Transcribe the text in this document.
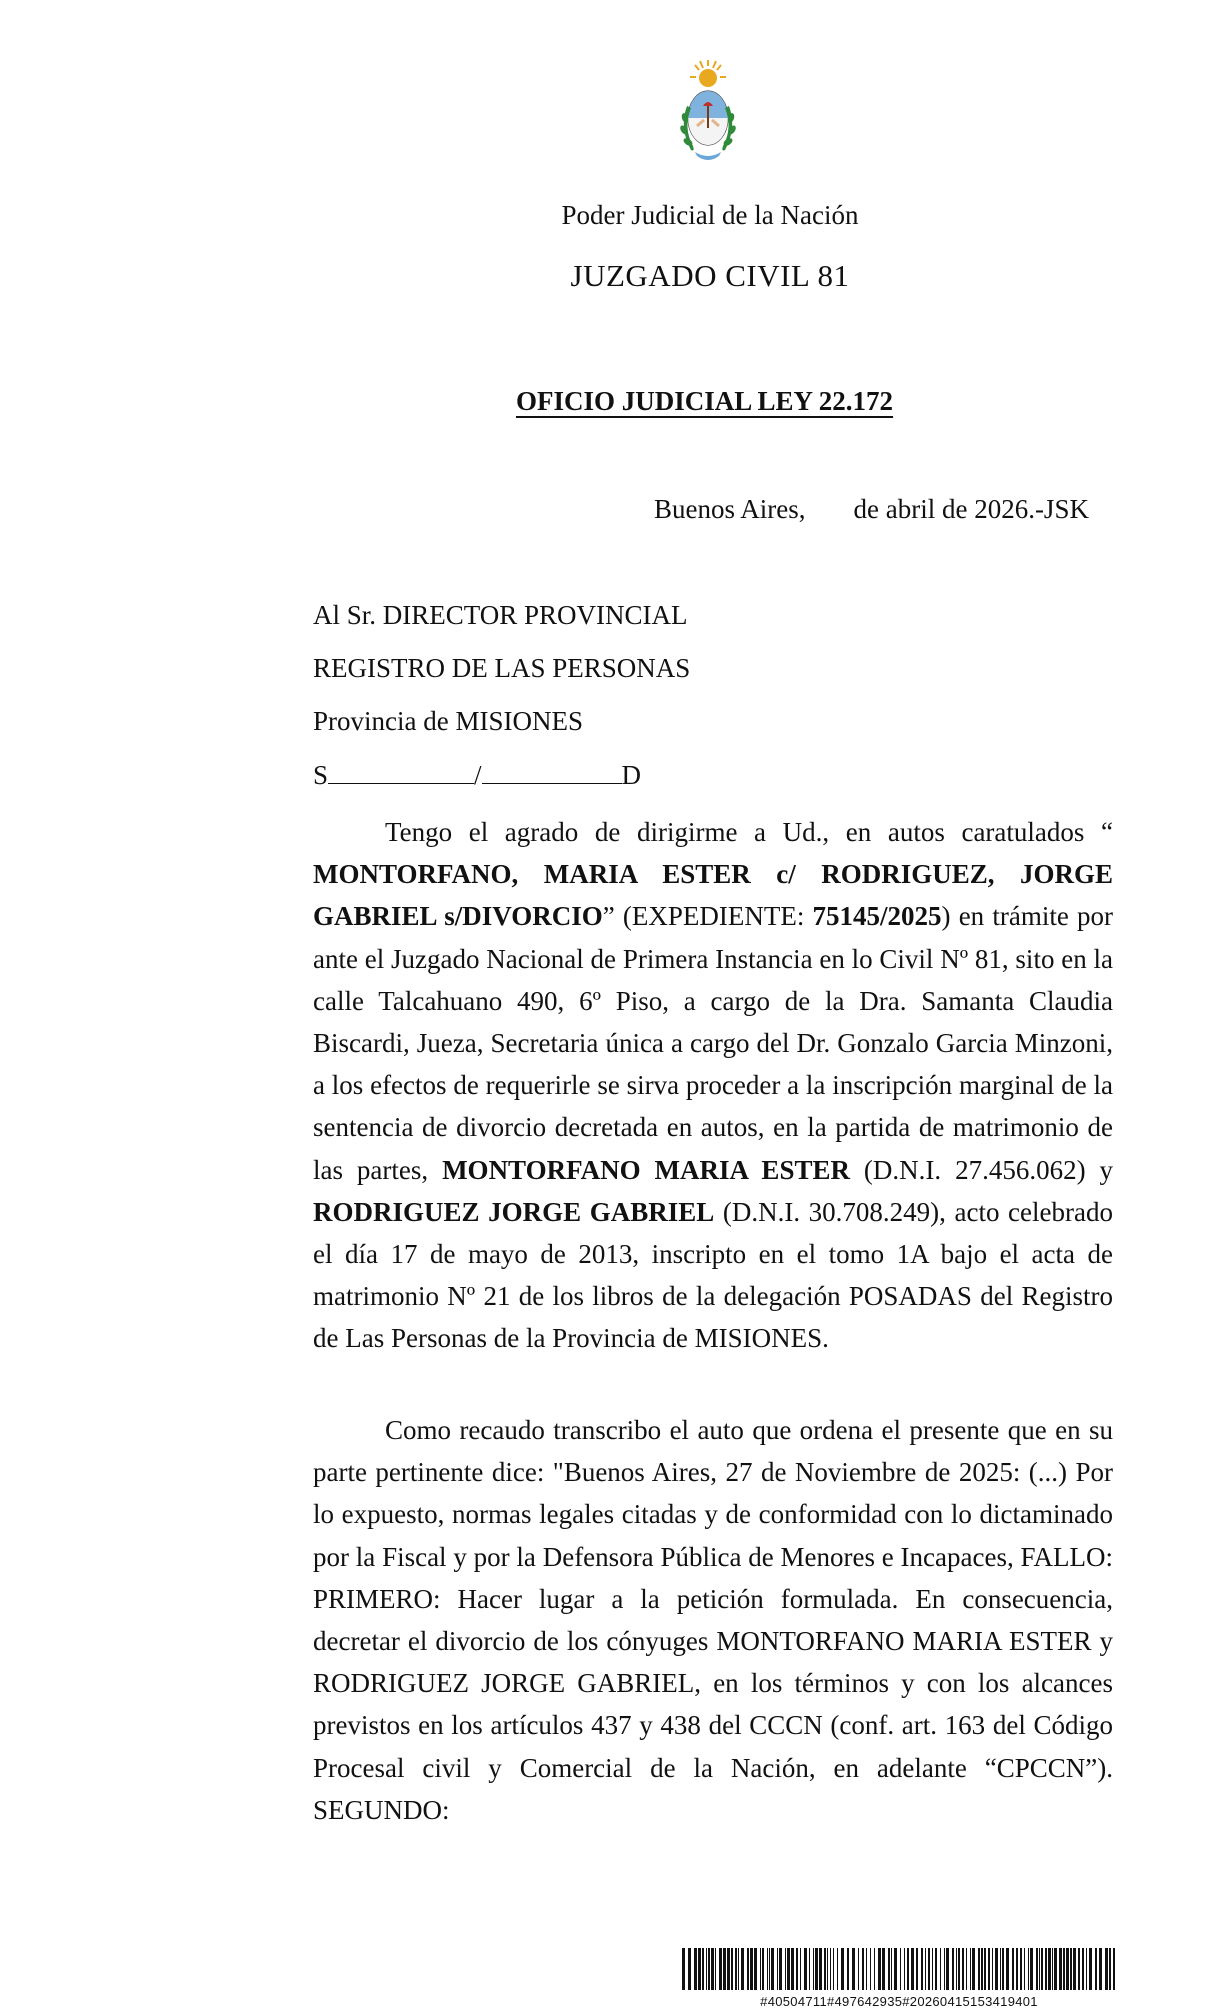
Poder Judicial de la Nación
JUZGADO CIVIL 81
OFICIO JUDICIAL LEY 22.172
Buenos Aires, de abril de 2026.-JSK
Al Sr. DIRECTOR PROVINCIAL
REGISTRO DE LAS PERSONAS
Provincia de MISIONES
S	/	D

Tengo el agrado de dirigirme a Ud., en autos caratulados “ MONTORFANO, MARIA ESTER c/ RODRIGUEZ, JORGE GABRIEL s/DIVORCIO” (EXPEDIENTE: 75145/2025) en trámite por ante el Juzgado Nacional de Primera Instancia en lo Civil Nº 81, sito en la calle Talcahuano 490, 6º Piso, a cargo de la Dra. Samanta Claudia Biscardi, Jueza, Secretaria única a cargo del Dr. Gonzalo Garcia Minzoni, a los efectos de requerirle se sirva proceder a la inscripción marginal de la sentencia de divorcio decretada en autos, en la partida de matrimonio de las partes, MONTORFANO MARIA ESTER (D.N.I. 27.456.062) y RODRIGUEZ JORGE GABRIEL (D.N.I. 30.708.249), acto celebrado el día 17 de mayo de 2013, inscripto en el tomo 1A bajo el acta de matrimonio Nº 21 de los libros de la delegación POSADAS del Registro de Las Personas de la Provincia de MISIONES.

Como recaudo transcribo el auto que ordena el presente que en su parte pertinente dice: "Buenos Aires, 27 de Noviembre de 2025: (...) Por lo expuesto, normas legales citadas y de conformidad con lo dictaminado por la Fiscal y por la Defensora Pública de Menores e Incapaces, FALLO: PRIMERO: Hacer lugar a la petición formulada. En consecuencia, decretar el divorcio de los cónyuges MONTORFANO MARIA ESTER y RODRIGUEZ JORGE GABRIEL, en los términos y con los alcances previstos en los artículos 437 y 438 del CCCN (conf. art. 163 del Código Procesal civil y Comercial de la Nación, en adelante “CPCCN”). SEGUNDO:

#40504711#497642935#20260415153419401
